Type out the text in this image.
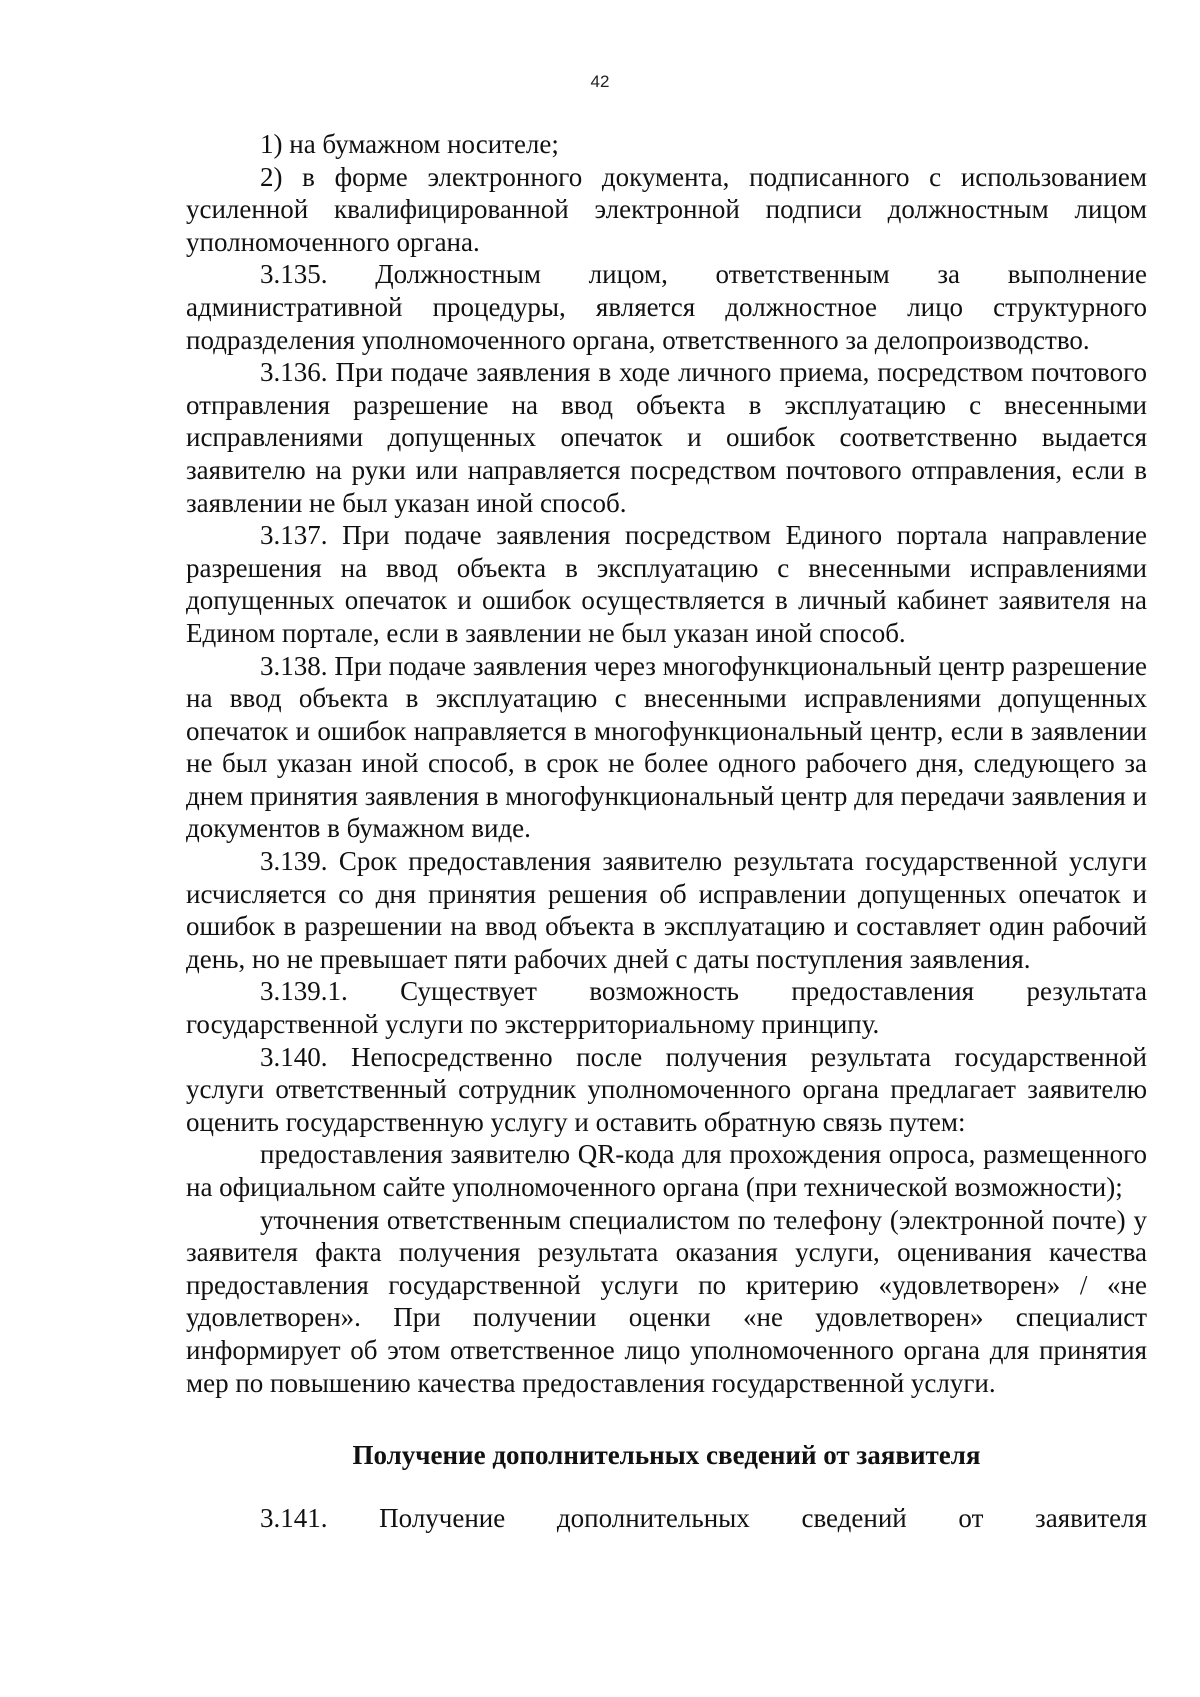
42

1) на бумажном носителе;

2) в форме электронного документа, подписанного с использованием усиленной квалифицированной электронной подписи должностным лицом уполномоченного органа.

3.135. Должностным лицом, ответственным за выполнение административной процедуры, является должностное лицо структурного подразделения уполномоченного органа, ответственного за делопроизводство.

3.136. При подаче заявления в ходе личного приема, посредством почтового отправления разрешение на ввод объекта в эксплуатацию с внесенными исправлениями допущенных опечаток и ошибок соответственно выдается заявителю на руки или направляется посредством почтового отправления, если в заявлении не был указан иной способ.

3.137. При подаче заявления посредством Единого портала направление разрешения на ввод объекта в эксплуатацию с внесенными исправлениями допущенных опечаток и ошибок осуществляется в личный кабинет заявителя на Едином портале, если в заявлении не был указан иной способ.

3.138. При подаче заявления через многофункциональный центр разрешение на ввод объекта в эксплуатацию с внесенными исправлениями допущенных опечаток и ошибок направляется в многофункциональный центр, если в заявлении не был указан иной способ, в срок не более одного рабочего дня, следующего за днем принятия заявления в многофункциональный центр для передачи заявления и документов в бумажном виде.

3.139. Срок предоставления заявителю результата государственной услуги исчисляется со дня принятия решения об исправлении допущенных опечаток и ошибок в разрешении на ввод объекта в эксплуатацию и составляет один рабочий день, но не превышает пяти рабочих дней с даты поступления заявления.

3.139.1. Существует возможность предоставления результата государственной услуги по экстерриториальному принципу.

3.140. Непосредственно после получения результата государственной услуги ответственный сотрудник уполномоченного органа предлагает заявителю оценить государственную услугу и оставить обратную связь путем:

предоставления заявителю QR-кода для прохождения опроса, размещенного на официальном сайте уполномоченного органа (при технической возможности);

уточнения ответственным специалистом по телефону (электронной почте) у заявителя факта получения результата оказания услуги, оценивания качества предоставления государственной услуги по критерию «удовлетворен» / «не удовлетворен». При получении оценки «не удовлетворен» специалист информирует об этом ответственное лицо уполномоченного органа для принятия мер по повышению качества предоставления государственной услуги.

Получение дополнительных сведений от заявителя

3.141. Получение дополнительных сведений от заявителя
